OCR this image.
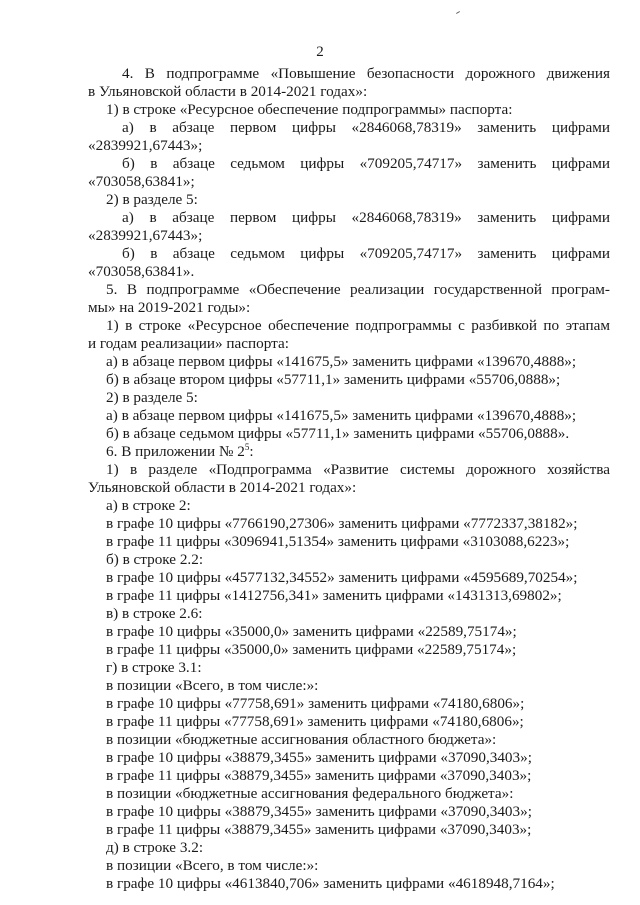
2
4. В подпрограмме «Повышение безопасности дорожного движения
в Ульяновской области в 2014-2021 годах»:
1) в строке «Ресурсное обеспечение подпрограммы» паспорта:
а) в абзаце первом цифры «2846068,78319» заменить цифрами
«2839921,67443»;
б) в абзаце седьмом цифры «709205,74717» заменить цифрами
«703058,63841»;
2) в разделе 5:
а) в абзаце первом цифры «2846068,78319» заменить цифрами
«2839921,67443»;
б) в абзаце седьмом цифры «709205,74717» заменить цифрами
«703058,63841».
5. В подпрограмме «Обеспечение реализации государственной програм-
мы» на 2019-2021 годы»:
1) в строке «Ресурсное обеспечение подпрограммы с разбивкой по этапам
и годам реализации» паспорта:
а) в абзаце первом цифры «141675,5» заменить цифрами «139670,4888»;
б) в абзаце втором цифры «57711,1» заменить цифрами «55706,0888»;
2) в разделе 5:
а) в абзаце первом цифры «141675,5» заменить цифрами «139670,4888»;
б) в абзаце седьмом цифры «57711,1» заменить цифрами «55706,0888».
6. В приложении № $2^5$:
1) в разделе «Подпрограмма «Развитие системы дорожного хозяйства
Ульяновской области в 2014-2021 годах»:
а) в строке 2:
в графе 10 цифры «7766190,27306» заменить цифрами «7772337,38182»;
в графе 11 цифры «3096941,51354» заменить цифрами «3103088,6223»;
б) в строке 2.2:
в графе 10 цифры «4577132,34552» заменить цифрами «4595689,70254»;
в графе 11 цифры «1412756,341» заменить цифрами «1431313,69802»;
в) в строке 2.6:
в графе 10 цифры «35000,0» заменить цифрами «22589,75174»;
в графе 11 цифры «35000,0» заменить цифрами «22589,75174»;
г) в строке 3.1:
в позиции «Всего, в том числе:»:
в графе 10 цифры «77758,691» заменить цифрами «74180,6806»;
в графе 11 цифры «77758,691» заменить цифрами «74180,6806»;
в позиции «бюджетные ассигнования областного бюджета»:
в графе 10 цифры «38879,3455» заменить цифрами «37090,3403»;
в графе 11 цифры «38879,3455» заменить цифрами «37090,3403»;
в позиции «бюджетные ассигнования федерального бюджета»:
в графе 10 цифры «38879,3455» заменить цифрами «37090,3403»;
в графе 11 цифры «38879,3455» заменить цифрами «37090,3403»;
д) в строке 3.2:
в позиции «Всего, в том числе:»:
в графе 10 цифры «4613840,706» заменить цифрами «4618948,7164»;
